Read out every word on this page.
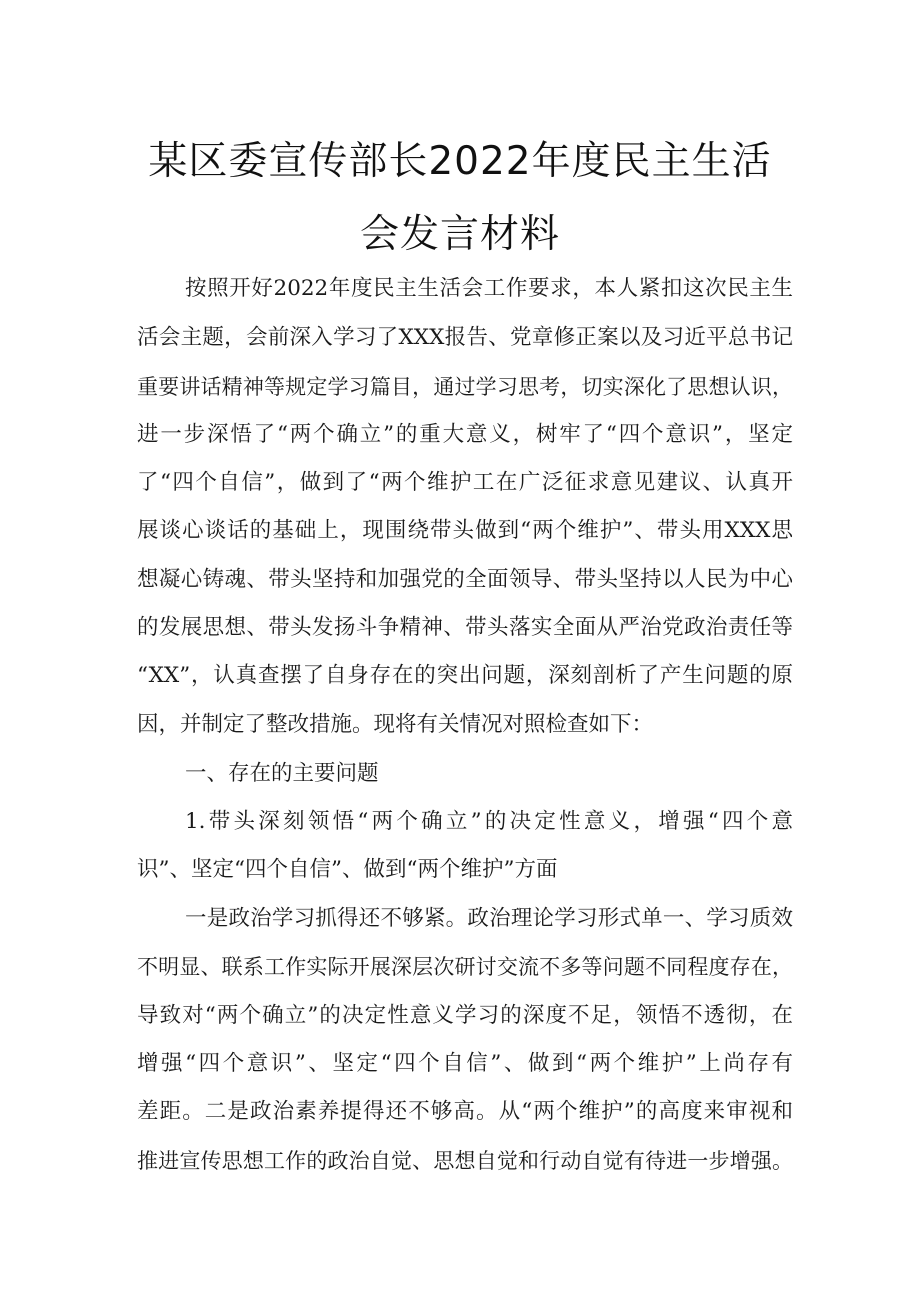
某区委宣传部长2022年度民主生活
会发言材料
按照开好2022年度民主生活会工作要求，本人紧扣这次民主生
活会主题，会前深入学习了XXX报告、党章修正案以及习近平总书记
重要讲话精神等规定学习篇目，通过学习思考，切实深化了思想认识，
进一步深悟了“两个确立”的重大意义，树牢了“四个意识”，坚定
了“四个自信”，做到了“两个维护工在广泛征求意见建议、认真开
展谈心谈话的基础上，现围绕带头做到“两个维护”、带头用XXX思
想凝心铸魂、带头坚持和加强党的全面领导、带头坚持以人民为中心
的发展思想、带头发扬斗争精神、带头落实全面从严治党政治责任等
“XX”，认真查摆了自身存在的突出问题，深刻剖析了产生问题的原
因，并制定了整改措施。现将有关情况对照检查如下：
一、存在的主要问题
1.带头深刻领悟“两个确立”的决定性意义，增强“四个意
识”、坚定“四个自信”、做到“两个维护”方面
一是政治学习抓得还不够紧。政治理论学习形式单一、学习质效
不明显、联系工作实际开展深层次研讨交流不多等问题不同程度存在，
导致对“两个确立”的决定性意义学习的深度不足，领悟不透彻，在
增强“四个意识”、坚定“四个自信”、做到“两个维护”上尚存有
差距。二是政治素养提得还不够高。从“两个维护”的高度来审视和
推进宣传思想工作的政治自觉、思想自觉和行动自觉有待进一步增强。
